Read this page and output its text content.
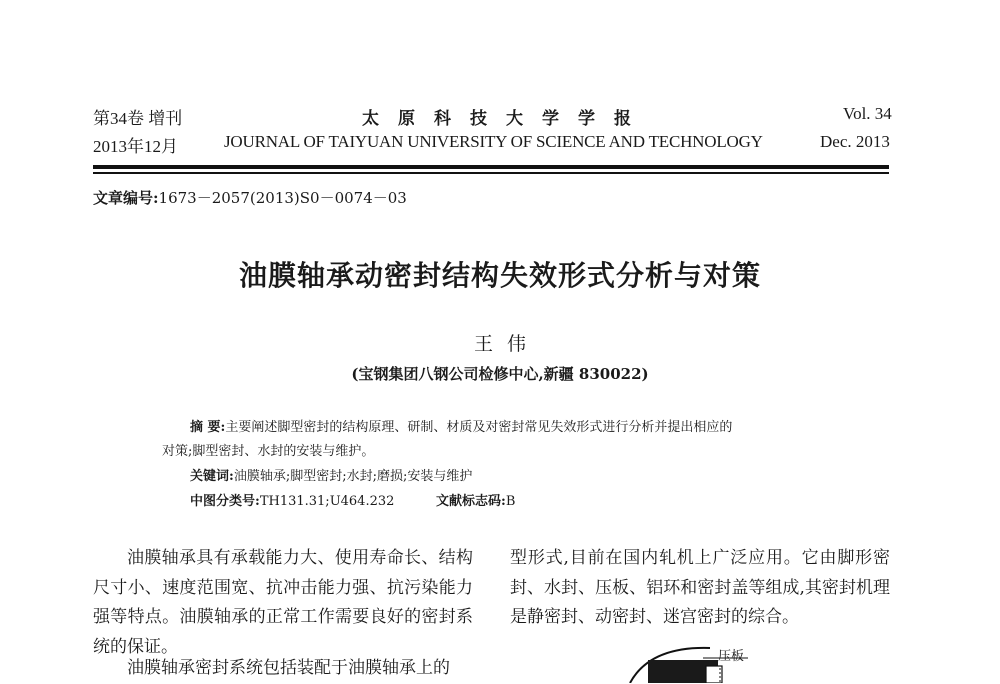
第34卷 增刊	太原科技大学学报	Vol. 34
2013年12月	JOURNAL OF TAIYUAN UNIVERSITY OF SCIENCE AND TECHNOLOGY	Dec. 2013
文章编号:1673－2057(2013)S0－0074－03
油膜轴承动密封结构失效形式分析与对策
王伟
(宝钢集团八钢公司检修中心,新疆 830022)
摘 要:主要阐述脚型密封的结构原理、研制、材质及对密封常见失效形式进行分析并提出相应的
对策;脚型密封、水封的安装与维护。
关键词:油膜轴承;脚型密封;水封;磨损;安装与维护
中图分类号:TH131.31;U464.232	文献标志码:B
油膜轴承具有承载能力大、使用寿命长、结构尺寸小、速度范围宽、抗冲击能力强、抗污染能力强等特点。油膜轴承的正常工作需要良好的密封系统的保证。
油膜轴承密封系统包括装配于油膜轴承上的
型形式,目前在国内轧机上广泛应用。它由脚形密封、水封、压板、铝环和密封盖等组成,其密封机理是静密封、动密封、迷宫密封的综合。
压板
